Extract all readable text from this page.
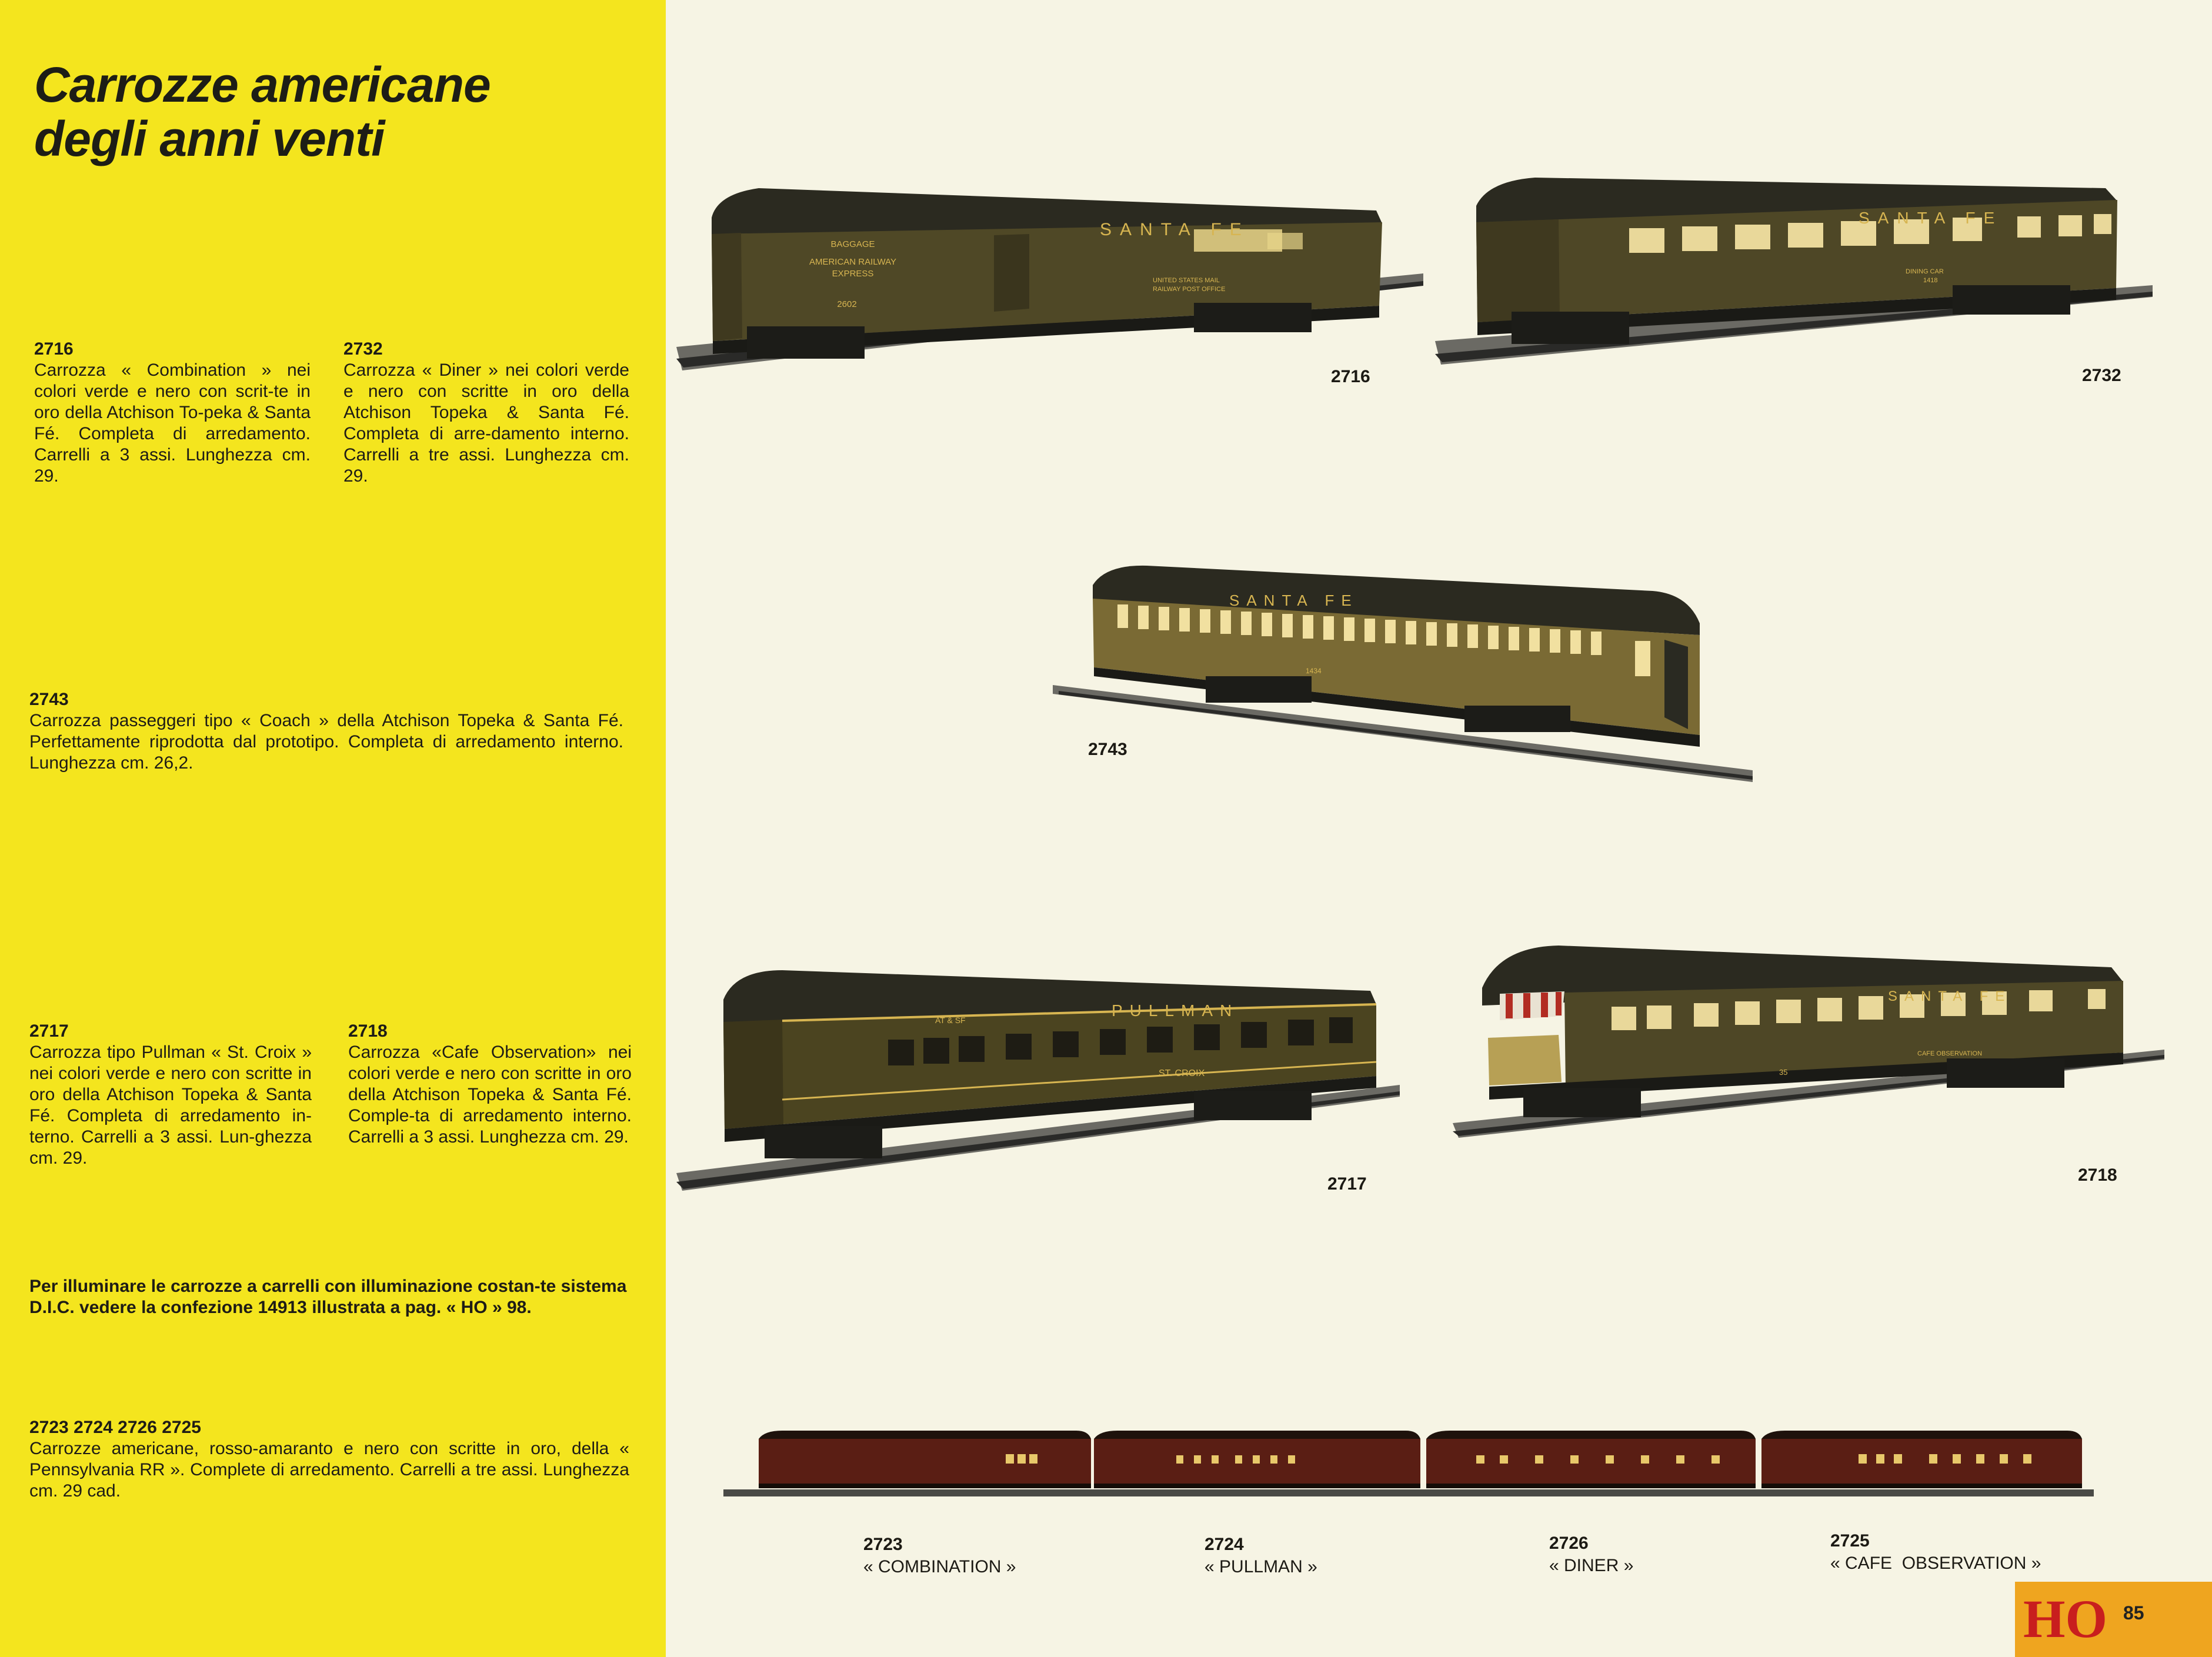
Carrozze americane
degli anni venti
2716
Carrozza « Combination » nei colori verde e nero con scrit-te in oro della Atchison To-peka & Santa Fé. Completa di arredamento. Carrelli a 3 assi. Lunghezza cm. 29.
2732
Carrozza « Diner » nei colori verde e nero con scritte in oro della Atchison Topeka & Santa Fé. Completa di arre-damento interno. Carrelli a tre assi. Lunghezza cm. 29.
2743
Carrozza passeggeri tipo « Coach » della Atchison Topeka & Santa Fé. Perfettamente riprodotta dal prototipo. Completa di arredamento interno. Lunghezza cm. 26,2.
2717
Carrozza tipo Pullman « St. Croix » nei colori verde e nero con scritte in oro della Atchison Topeka & Santa Fé. Completa di arredamento in-terno. Carrelli a 3 assi. Lun-ghezza cm. 29.
2718
Carrozza «Cafe Observation» nei colori verde e nero con scritte in oro della Atchison Topeka & Santa Fé. Comple-ta di arredamento interno. Carrelli a 3 assi. Lunghezza cm. 29.
Per illuminare le carrozze a carrelli con illuminazione costan-te sistema D.I.C. vedere la confezione 14913 illustrata a pag. « HO » 98.
2723 2724 2726 2725
Carrozze americane, rosso-amaranto e nero con scritte in oro, della « Pennsylvania RR ». Complete di arredamento. Carrelli a tre assi. Lunghezza cm. 29 cad.
BAGGAGE
AMERICAN RAILWAY
EXPRESS
2602
SANTA FE
UNITED STATES MAIL
RAILWAY POST OFFICE
2716
SANTA FE
DINING CAR
1418
2732
SANTA FE
1434
2743
AT & SF
PULLMAN
ST. CROIX
2717
SANTA FE
CAFE OBSERVATION
35
2718
2723
« COMBINATION »
2724
« PULLMAN »
2726
« DINER »
2725
« CAFE  OBSERVATION »
HO 85
